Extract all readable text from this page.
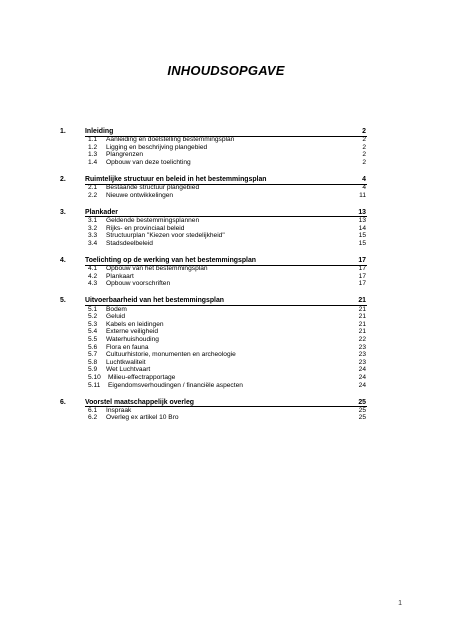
INHOUDSOPGAVE
1.	Inleiding	2
1.1 Aanleiding en doelstelling bestemmingsplan	2
1.2 Ligging en beschrijving plangebied	2
1.3 Plangrenzen	2
1.4 Opbouw van deze toelichting	2
2.	Ruimtelijke structuur en beleid in het bestemmingsplan	4
2.1 Bestaande structuur plangebied	4
2.2 Nieuwe ontwikkelingen	11
3.	Plankader	13
3.1 Geldende bestemmingsplannen	13
3.2 Rijks- en provinciaal beleid	14
3.3 Structuurplan "Kiezen voor stedelijkheid"	15
3.4 Stadsdeelbeleid	15
4.	Toelichting op de werking van het bestemmingsplan	17
4.1 Opbouw van het bestemmingsplan	17
4.2 Plankaart	17
4.3 Opbouw voorschriften	17
5.	Uitvoerbaarheid van het bestemmingsplan	21
5.1 Bodem	21
5.2 Geluid	21
5.3 Kabels en leidingen	21
5.4 Externe veiligheid	21
5.5 Waterhuishouding	22
5.6 Flora en fauna	23
5.7 Cultuurhistorie, monumenten en archeologie	23
5.8 Luchtkwaliteit	23
5.9 Wet Luchtvaart	24
5.10 Milieu-effectrapportage	24
5.11 Eigendomsverhoudingen / financiële aspecten	24
6.	Voorstel maatschappelijk overleg	25
6.1 Inspraak	25
6.2 Overleg ex artikel 10 Bro	25
1
